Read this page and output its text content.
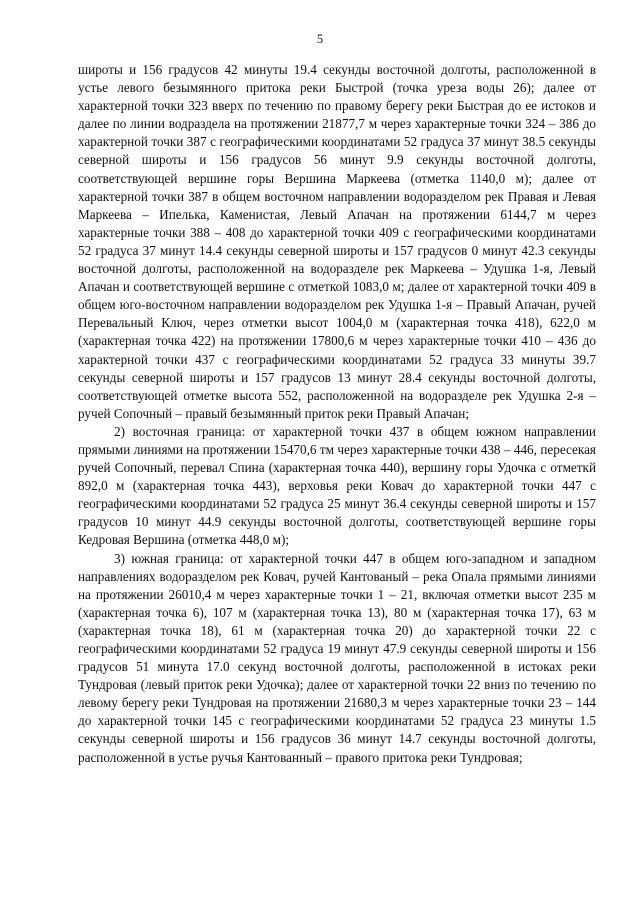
5

широты и 156 градусов 42 минуты 19.4 секунды восточной долготы, расположенной в устье левого безымянного притока реки Быстрой (точка уреза воды 26); далее от характерной точки 323 вверх по течению по правому берегу реки Быстрая до ее истоков и далее по линии водраздела на протяжении 21877,7 м через характерные точки 324 – 386 до характерной точки 387 с географическими координатами 52 градуса 37 минут 38.5 секунды северной широты и 156 градусов 56 минут 9.9 секунды восточной долготы, соответствующей вершине горы Вершина Маркеева (отметка 1140,0 м); далее от характерной точки 387 в общем восточном направлении водоразделом рек Правая и Левая Маркеева – Ипелька, Каменистая, Левый Апачан на протяжении 6144,7 м через характерные точки 388 – 408 до характерной точки 409 с географическими координатами 52 градуса 37 минут 14.4 секунды северной широты и 157 градусов 0 минут 42.3 секунды восточной долготы, расположенной на водоразделе рек Маркеева – Удушка 1-я, Левый Апачан и соответствующей вершине с отметкой 1083,0 м; далее от характерной точки 409 в общем юго-восточном направлении водоразделом рек Удушка 1-я – Правый Апачан, ручей Перевальный Ключ, через отметки высот 1004,0 м (характерная точка 418), 622,0 м (характерная точка 422) на протяжении 17800,6 м через характерные точки 410 – 436 до характерной точки 437 с географическими координатами 52 градуса 33 минуты 39.7 секунды северной широты и 157 градусов 13 минут 28.4 секунды восточной долготы, соответствующей отметке высота 552, расположенной на водоразделе рек Удушка 2-я – ручей Сопочный – правый безымянный приток реки Правый Апачан;

2) восточная граница: от характерной точки 437 в общем южном направлении прямыми линиями на протяжении 15470,6 тм через характерные точки 438 – 446, пересекая ручей Сопочный, перевал Спина (характерная точка 440), вершину горы Удочка с отметкй 892,0 м (характерная точка 443), верховья реки Ковач до характерной точки 447 с географическими координатами 52 градуса 25 минут 36.4 секунды северной широты и 157 градусов 10 минут 44.9 секунды восточной долготы, соответствующей вершине горы Кедровая Вершина (отметка 448,0 м);

3) южная граница: от характерной точки 447 в общем юго-западном и западном направлениях водоразделом рек Ковач, ручей Кантованый – река Опала прямыми линиями на протяжении 26010,4 м через характерные точки 1 – 21, включая отметки высот 235 м (характерная точка 6), 107 м (характерная точка 13), 80 м (характерная точка 17), 63 м (характерная точка 18), 61 м (характерная точка 20) до характерной точки 22 с географическими координатами 52 градуса 19 минут 47.9 секунды северной широты и 156 градусов 51 минута 17.0 секунд восточной долготы, расположенной в истоках реки Тундровая (левый приток реки Удочка); далее от характерной точки 22 вниз по течению по левому берегу реки Тундровая на протяжении 21680,3 м через характерные точки 23 – 144 до характерной точки 145 с географическими координатами 52 градуса 23 минуты 1.5 секунды северной широты и 156 градусов 36 минут 14.7 секунды восточной долготы, расположенной в устье ручья Кантованный – правого притока реки Тундровая;
